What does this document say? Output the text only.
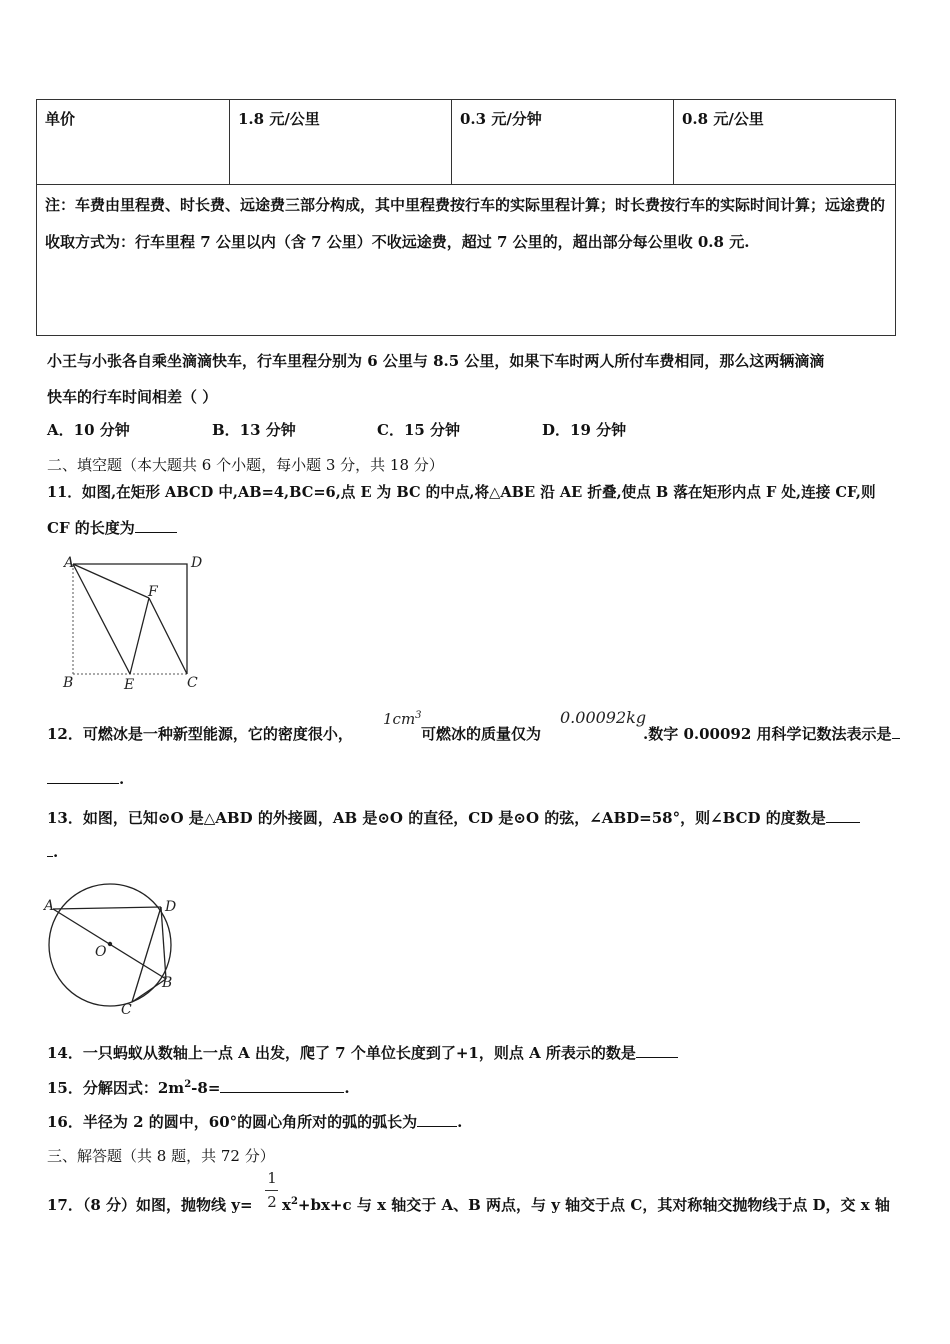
单价	1.8 元/公里	0.3 元/分钟	0.8 元/公里
注：车费由里程费、时长费、远途费三部分构成，其中里程费按行车的实际里程计算；时长费按行车的实际时间计算；远途费的收取方式为：行车里程 7 公里以内（含 7 公里）不收远途费，超过 7 公里的，超出部分每公里收 0.8 元.
小王与小张各自乘坐滴滴快车，行车里程分别为 6 公里与 8.5 公里，如果下车时两人所付车费相同，那么这两辆滴滴
快车的行车时间相差（ ）
A．10 分钟	B．13 分钟	C．15 分钟	D．19 分钟
二、填空题（本大题共 6 个小题，每小题 3 分，共 18 分）
11．如图,在矩形 ABCD 中,AB=4,BC=6,点 E 为 BC 的中点,将△ABE 沿 AE 折叠,使点 B 落在矩形内点 F 处,连接 CF,则
CF 的长度为
A	D
F
B	E	C
12．可燃冰是一种新型能源，它的密度很小，
$1cm^3$
可燃冰的质量仅为
0.00092kg
.数字 0.00092 用科学记数法表示是
.
13．如图，已知⊙O 是△ABD 的外接圆，AB 是⊙O 的直径，CD 是⊙O 的弦，∠ABD=58°，则∠BCD 的度数是
.
A	D
O
B
C
14．一只蚂蚁从数轴上一点 A 出发，爬了 7 个单位长度到了+1，则点 A 所表示的数是
15．分解因式：$2m^2-8=$	.
16．半径为 2 的圆中，60°的圆心角所对的弧的弧长为	.
三、解答题（共 8 题，共 72 分）
17．（8 分）如图，抛物线 y=
1
2 $x^2+bx+c$ 与 x 轴交于 A、B 两点，与 y 轴交于点 C，其对称轴交抛物线于点 D，交 x 轴
